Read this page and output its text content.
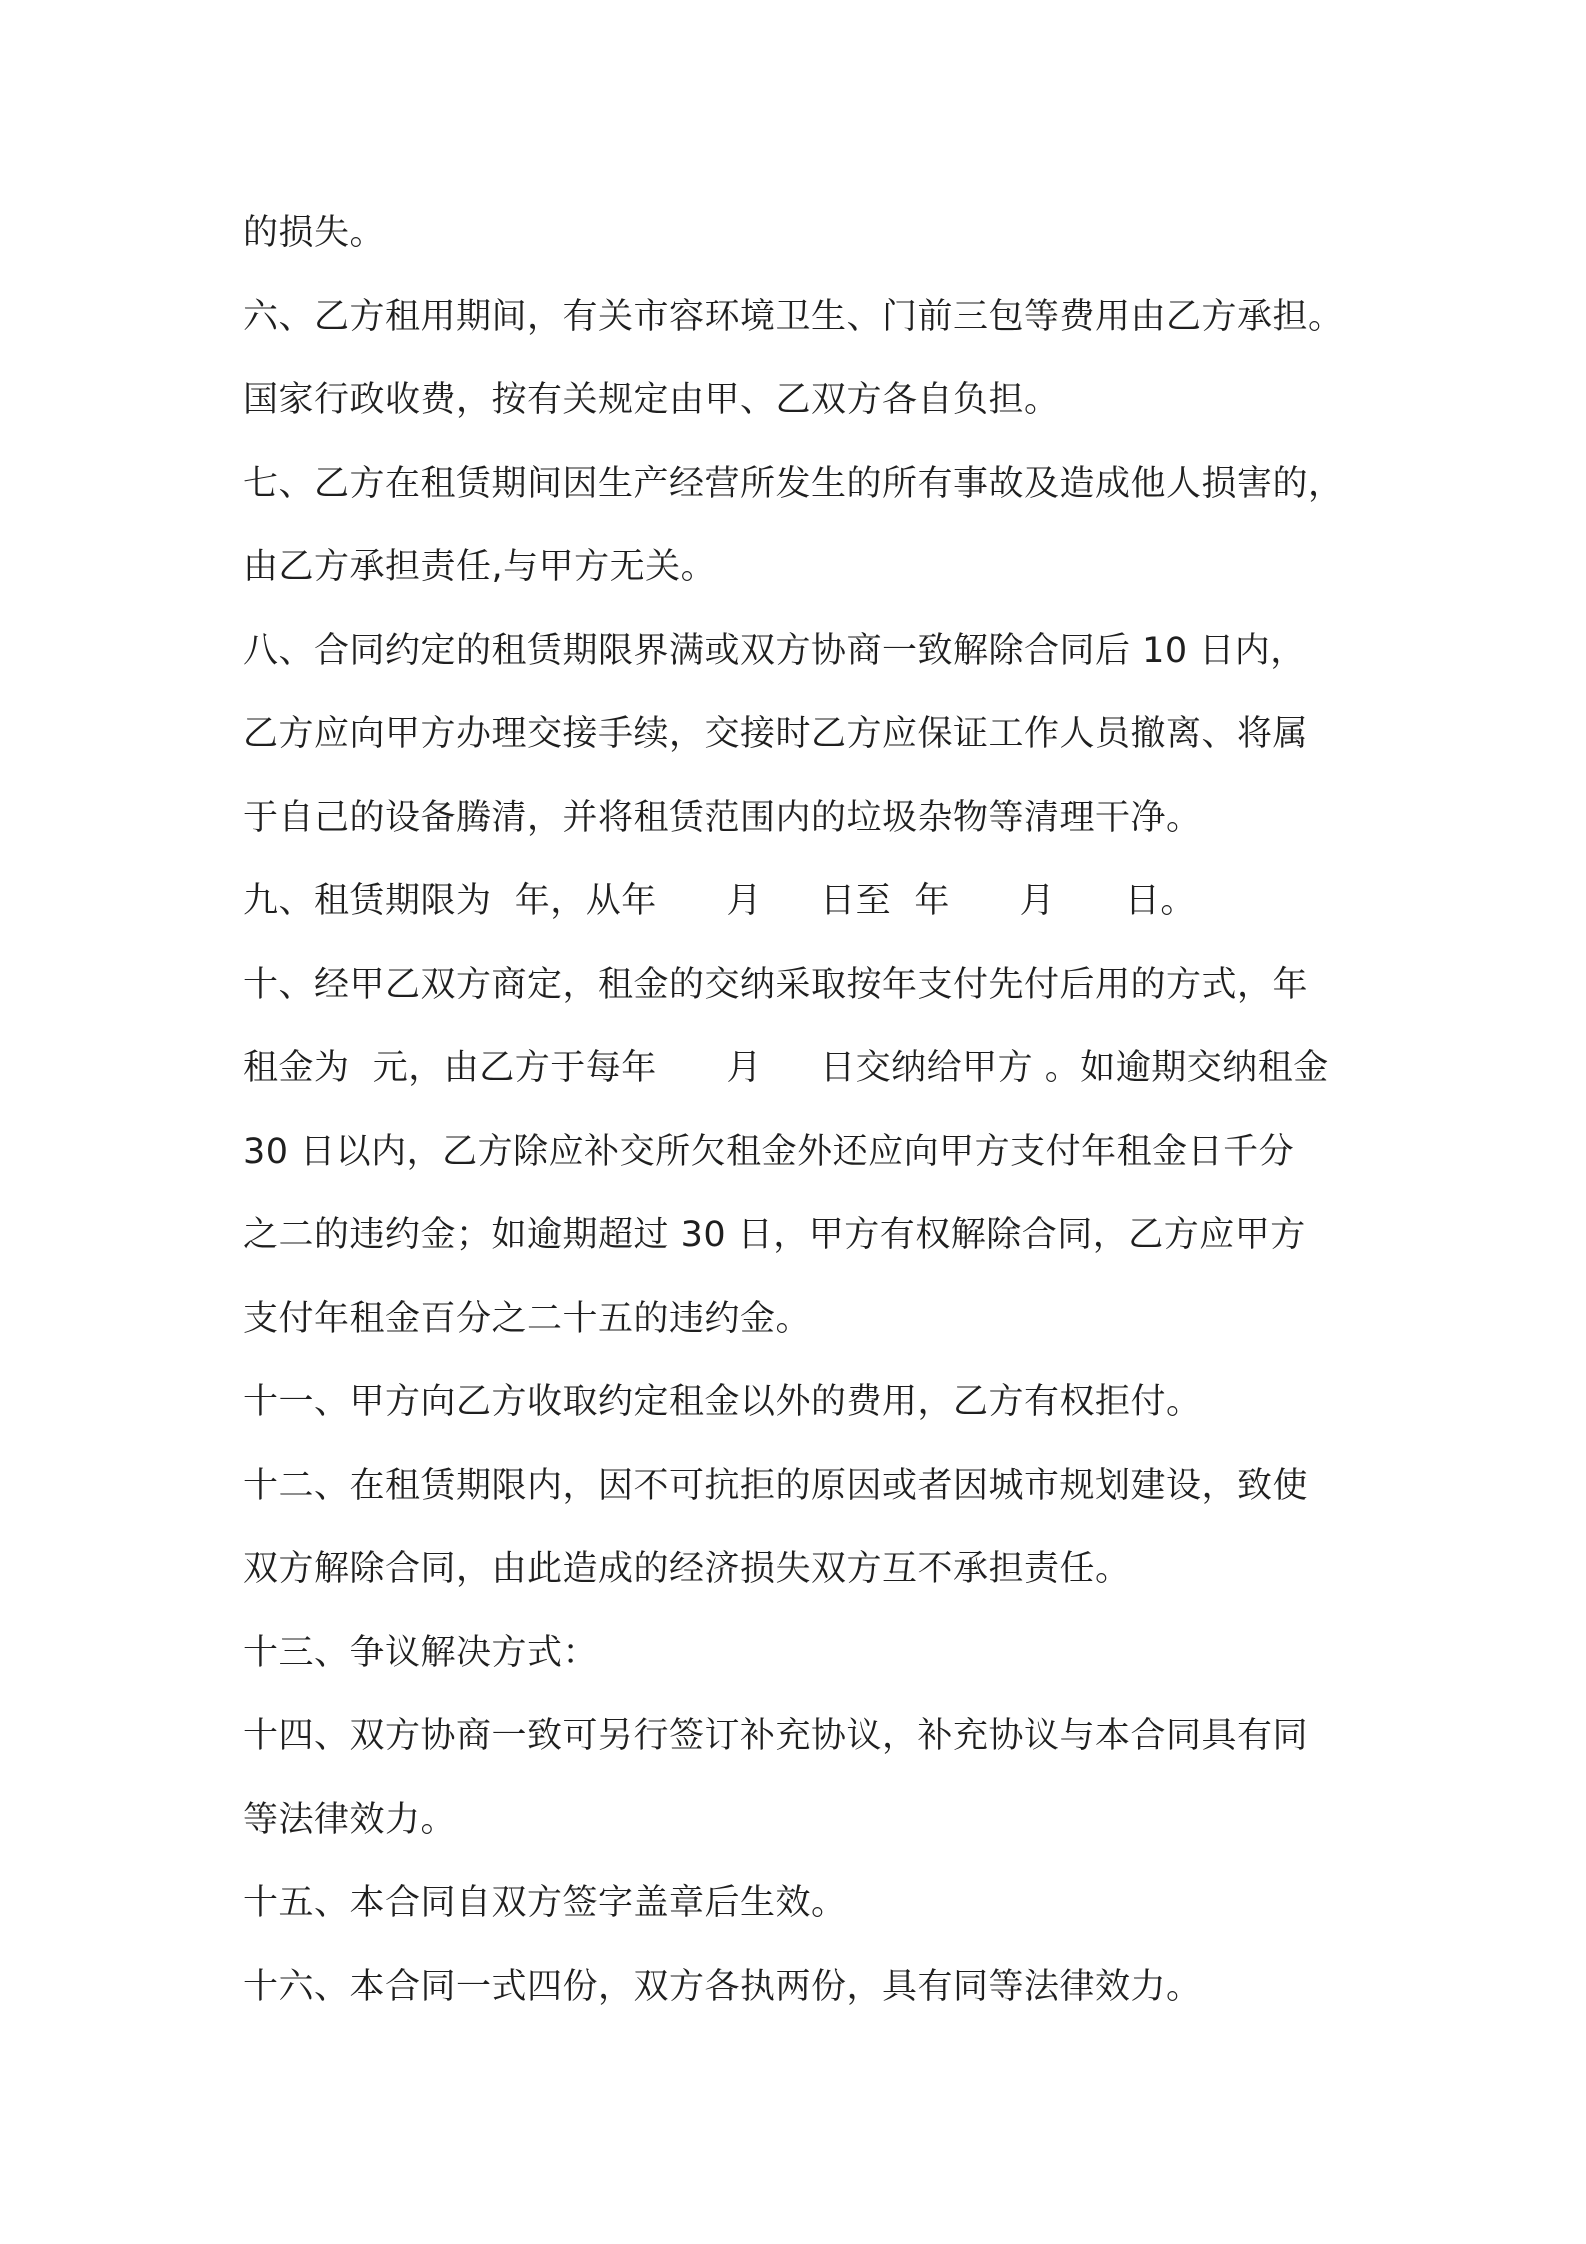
的损失。
六、乙方租用期间，有关市容环境卫生、门前三包等费用由乙方承担。
国家行政收费，按有关规定由甲、乙双方各自负担。
七、乙方在租赁期间因生产经营所发生的所有事故及造成他人损害的，
由乙方承担责任,与甲方无关。
八、合同约定的租赁期限界满或双方协商一致解除合同后 10 日内，
乙方应向甲方办理交接手续，交接时乙方应保证工作人员撤离、将属
于自己的设备腾清，并将租赁范围内的垃圾杂物等清理干净。
九、租赁期限为  年，从年      月     日至  年      月      日。
十、经甲乙双方商定，租金的交纳采取按年支付先付后用的方式，年
租金为  元，由乙方于每年      月     日交纳给甲方 。如逾期交纳租金
30 日以内，乙方除应补交所欠租金外还应向甲方支付年租金日千分
之二的违约金；如逾期超过 30 日，甲方有权解除合同，乙方应甲方
支付年租金百分之二十五的违约金。
十一、甲方向乙方收取约定租金以外的费用，乙方有权拒付。
十二、在租赁期限内，因不可抗拒的原因或者因城市规划建设，致使
双方解除合同，由此造成的经济损失双方互不承担责任。
十三、争议解决方式：
十四、双方协商一致可另行签订补充协议，补充协议与本合同具有同
等法律效力。
十五、本合同自双方签字盖章后生效。
十六、本合同一式四份，双方各执两份，具有同等法律效力。
